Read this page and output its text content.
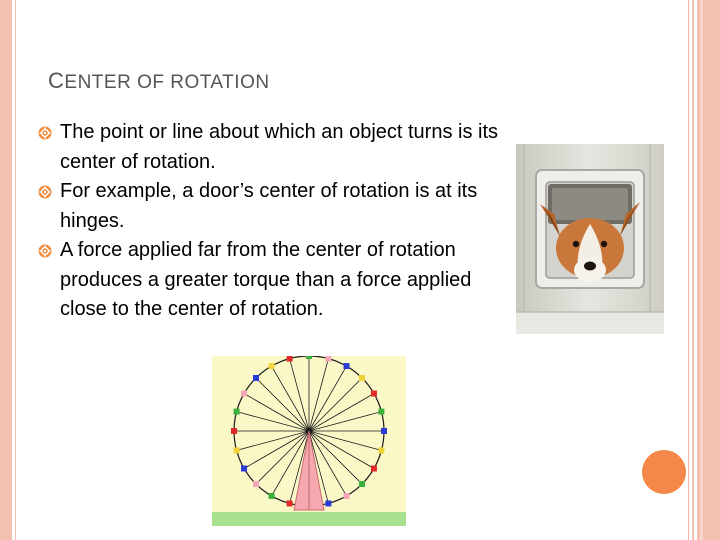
CENTER OF ROTATION
The point or line about which an object turns is its center of rotation.
For example, a door’s center of rotation is at its hinges.
A force applied far from the center of rotation produces a greater torque than a force applied close to the center of rotation.
